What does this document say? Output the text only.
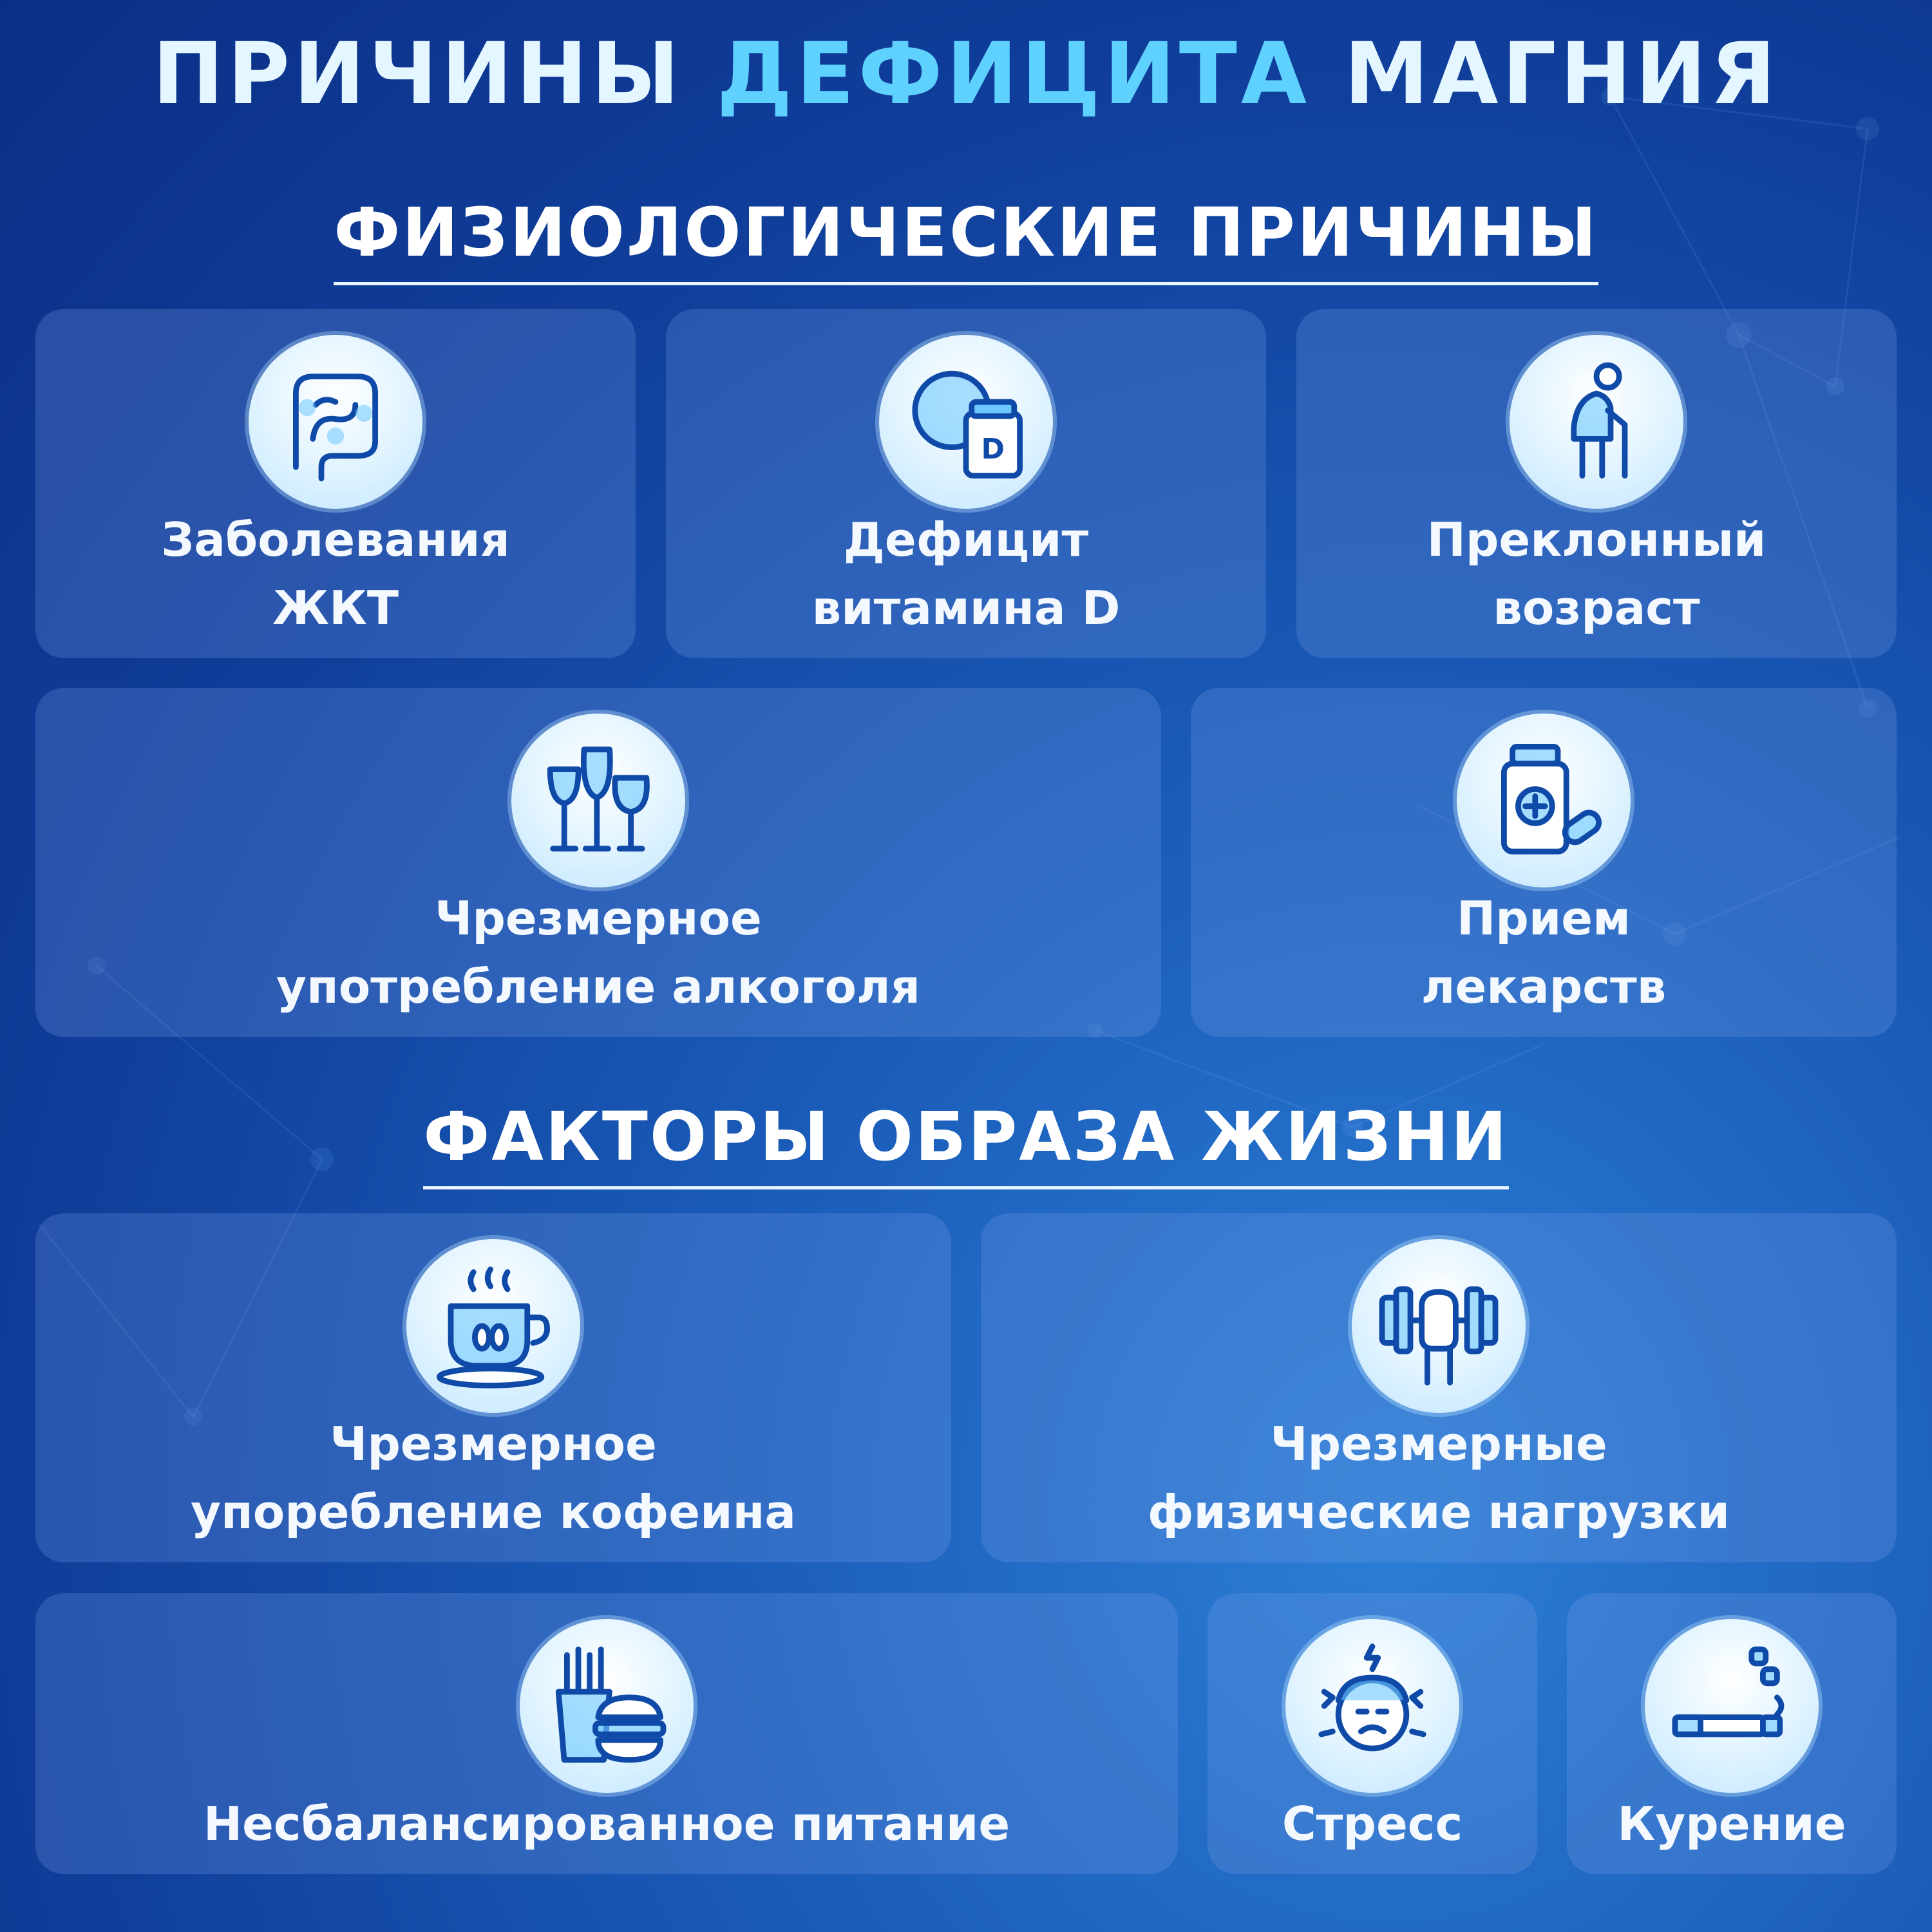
ПРИЧИНЫ ДЕФИЦИТА МАГНИЯ
ФИЗИОЛОГИЧЕСКИЕ ПРИЧИНЫ
Заболевания
ЖКТ
D
Дефицит
витамина D
Преклонный
возраст
Чрезмерное
употребление алкоголя
Прием
лекарств
ФАКТОРЫ ОБРАЗА ЖИЗНИ
Чрезмерное
упоребление кофеина
Чрезмерные
физические нагрузки
Несбалансированное питание	Стресс	Курение
